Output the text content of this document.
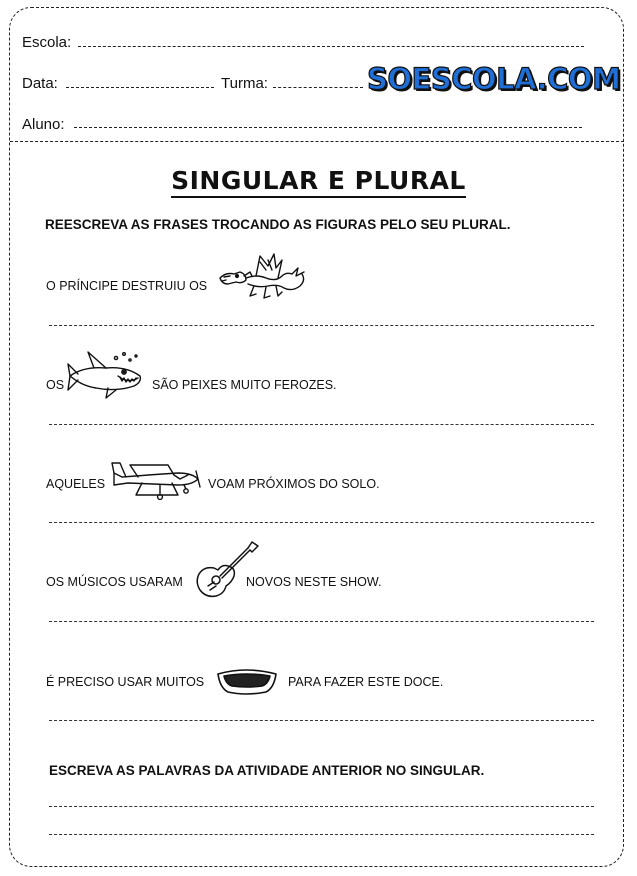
Escola:
Data:	Turma:	SOESCOLA.COM
Aluno:
SINGULAR E PLURAL
REESCREVA AS FRASES TROCANDO AS FIGURAS PELO SEU PLURAL.
O PRÍNCIPE DESTRUIU OS
OS	SÃO PEIXES MUITO FEROZES.
AQUELES	VOAM PRÓXIMOS DO SOLO.
OS MÚSICOS USARAM	NOVOS NESTE SHOW.
É PRECISO USAR MUITOS	PARA FAZER ESTE DOCE.
ESCREVA AS PALAVRAS DA ATIVIDADE ANTERIOR NO SINGULAR.
